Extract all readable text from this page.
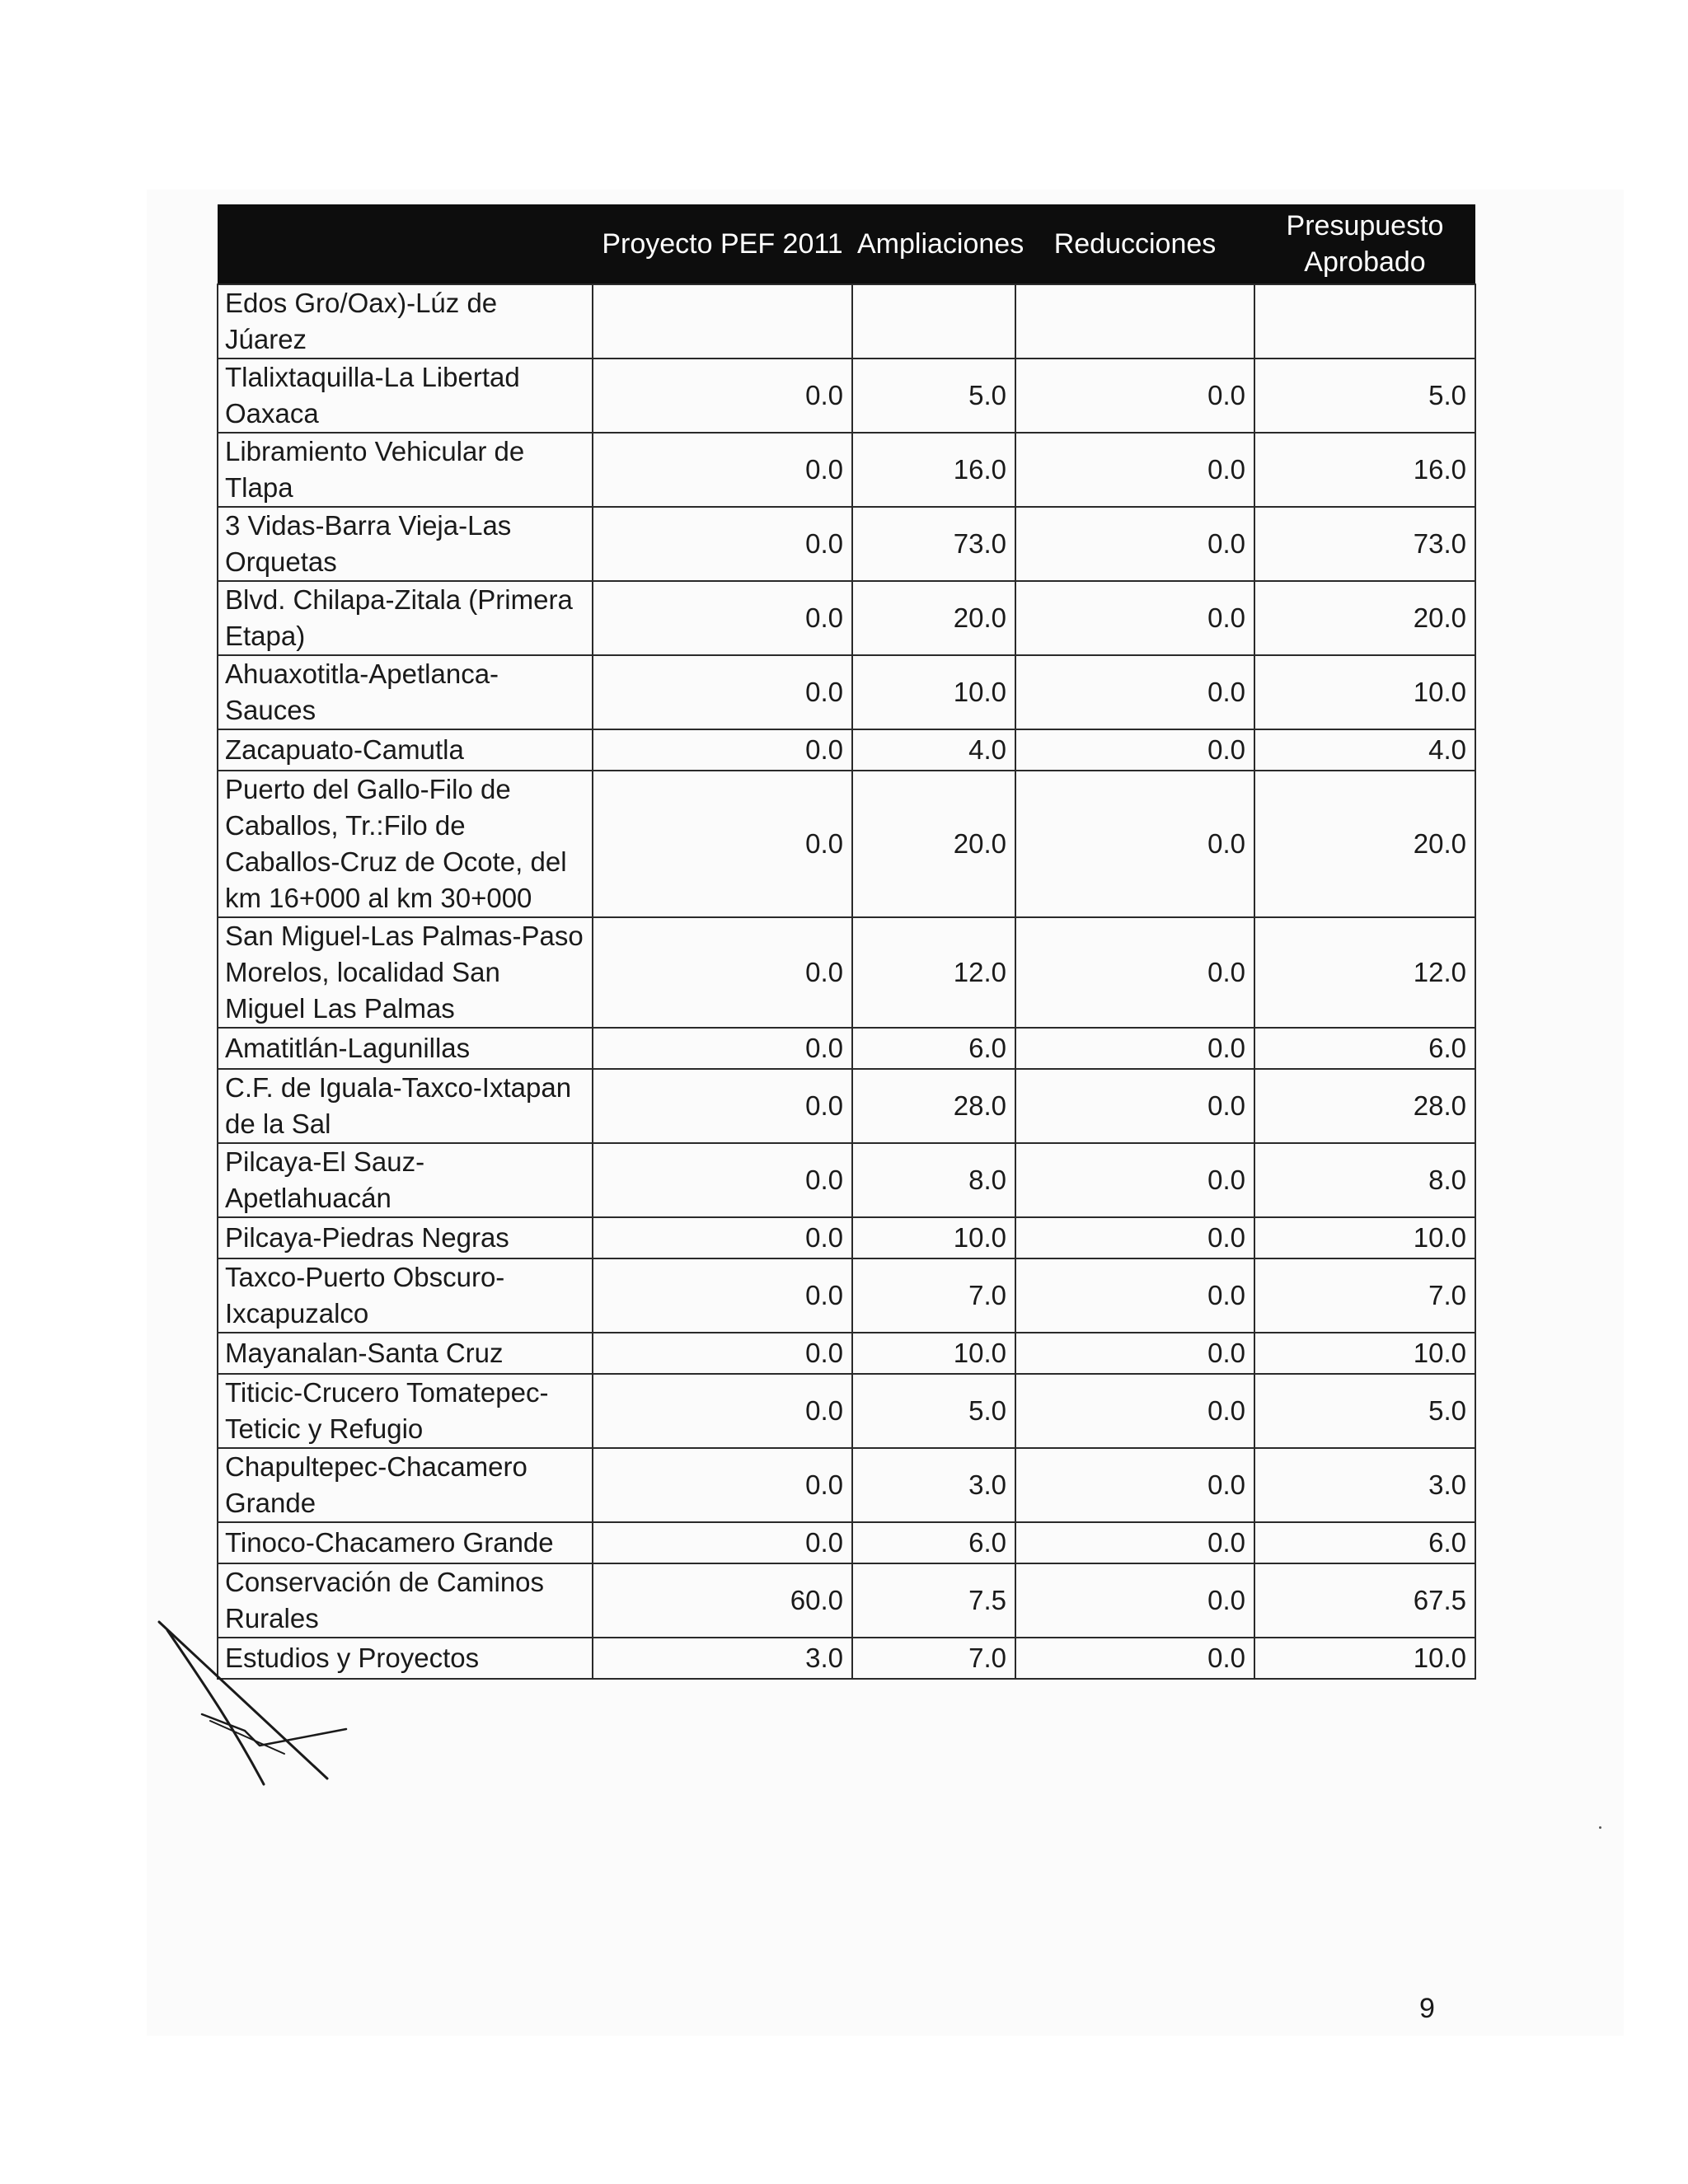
	Proyecto PEF 2011	Ampliaciones	Reducciones	Presupuesto Aprobado
Edos Gro/Oax)-Lúz de Júarez				
Tlalixtaquilla-La Libertad Oaxaca	0.0	5.0	0.0	5.0
Libramiento Vehicular de Tlapa	0.0	16.0	0.0	16.0
3 Vidas-Barra Vieja-Las Orquetas	0.0	73.0	0.0	73.0
Blvd. Chilapa-Zitala (Primera Etapa)	0.0	20.0	0.0	20.0
Ahuaxotitla-Apetlanca-Sauces	0.0	10.0	0.0	10.0
Zacapuato-Camutla	0.0	4.0	0.0	4.0
Puerto del Gallo-Filo de Caballos, Tr.:Filo de Caballos-Cruz de Ocote, del km 16+000 al km 30+000	0.0	20.0	0.0	20.0
San Miguel-Las Palmas-Paso Morelos, localidad San Miguel Las Palmas	0.0	12.0	0.0	12.0
Amatitlán-Lagunillas	0.0	6.0	0.0	6.0
C.F. de Iguala-Taxco-Ixtapan de la Sal	0.0	28.0	0.0	28.0
Pilcaya-El Sauz-Apetlahuacán	0.0	8.0	0.0	8.0
Pilcaya-Piedras Negras	0.0	10.0	0.0	10.0
Taxco-Puerto Obscuro-Ixcapuzalco	0.0	7.0	0.0	7.0
Mayanalan-Santa Cruz	0.0	10.0	0.0	10.0
Titicic-Crucero Tomatepec-Teticic y Refugio	0.0	5.0	0.0	5.0
Chapultepec-Chacamero Grande	0.0	3.0	0.0	3.0
Tinoco-Chacamero Grande	0.0	6.0	0.0	6.0
Conservación de Caminos Rurales	60.0	7.5	0.0	67.5
Estudios y Proyectos	3.0	7.0	0.0	10.0
9
